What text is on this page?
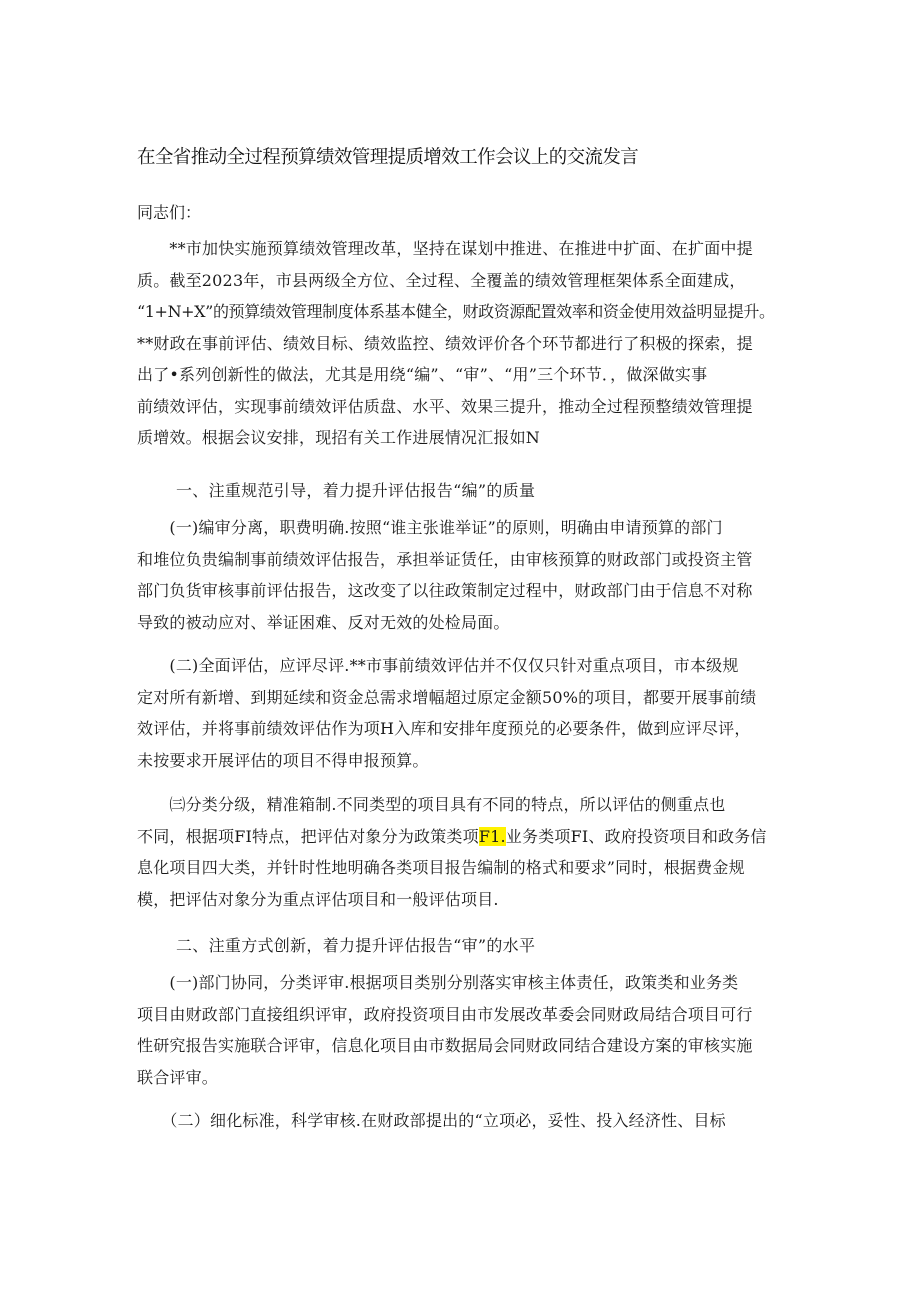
在全省推动全过程预算绩效管理提质增效工作会议上的交流发言
同志们：
　　**市加快实施预算绩效管理改革，坚持在谋划中推进、在推进中扩面、在扩面中提
质。截至2023年，市县两级全方位、全过程、全覆盖的绩效管理框架体系全面建成，
“1+N+X”的预算绩效管理制度体系基本健全，财政资源配置效率和资金使用效益明显提升。
**财政在事前评估、绩效目标、绩效监控、绩效评价各个环节都进行了积极的探索，提
出了•系列创新性的做法，尤其是用绕“编”、“审”、“用”三个环节．，做深做实事
前绩效评估，实现事前绩效评估质盘、水平、效果三提升，推动全过程预整绩效管理提
质增效。根据会议安排，现招有关工作进展情况汇报如N
一、注重规范引导，着力提升评估报告“编”的质量
　　(一)编审分离，职费明确.按照“谁主张谁举证”的原则，明确由申请预算的部门
和堆位负贵编制事前绩效评估报告，承担举证赁任，由审核预算的财政部门或投资主管
部门负货审核事前评估报告，这改变了以往政策制定过程中，财政部门由于信息不对称
导致的被动应对、举证困难、反对无效的处检局面。
　　(二)全面评估，应评尽评.**市事前绩效评估并不仅仅只针对重点项目，市本级规
定对所有新增、到期延续和资金总需求增幅超过原定金额50%的项目，都要开展事前绩
效评估，并将事前绩效评估作为项H入库和安排年度预兑的必要条件，做到应评尽评，
未按要求开展评估的项目不得申报预算。
　　㈢分类分级，精准箱制.不同类型的项目具有不同的特点，所以评估的侧重点也
不同，根据项FI特点，把评估对象分为政策类项F1.业务类项FI、政府投资项目和政务信
息化项目四大类，并针时性地明确各类项目报告编制的格式和要求”同时，根据费金规
模，把评估对象分为重点评估项目和一般评估项目.
二、注重方式创新，着力提升评估报告“审”的水平
　　(一)部门协同，分类评审.根据项目类别分别落实审核主体责任，政策类和业务类
项目由财政部门直接组织评审，政府投资项目由市发展改革委会同财政局结合项目可行
性研究报告实施联合评审，信息化项目由市数据局会同财政同结合建设方案的审核实施
联合评审。
　　（二）细化标准，科学审核.在财政部提出的“立项必，妥性、投入经济性、目标
